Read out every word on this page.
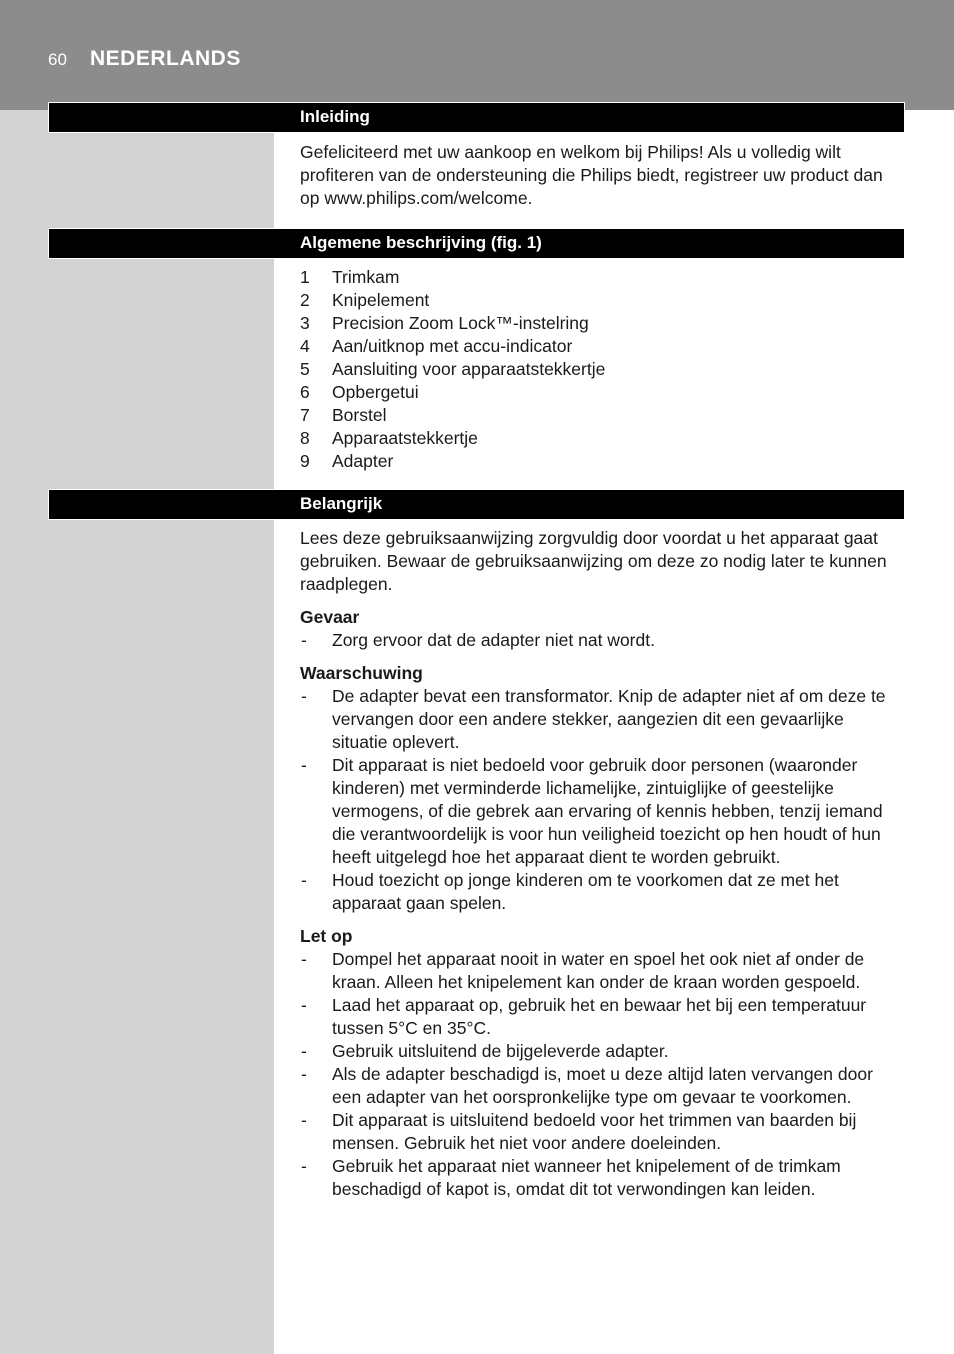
60 NEDERLANDS
Inleiding

Gefeliciteerd met uw aankoop en welkom bij Philips! Als u volledig wilt profiteren van de ondersteuning die Philips biedt, registreer uw product dan op www.philips.com/welcome.

Algemene beschrijving (fig. 1)
1 Trimkam
2 Knipelement
3 Precision Zoom Lock™-instelring
4 Aan/uitknop met accu-indicator
5 Aansluiting voor apparaatstekkertje
6 Opbergetui
7 Borstel
8 Apparaatstekkertje
9 Adapter
Belangrijk

Lees deze gebruiksaanwijzing zorgvuldig door voordat u het apparaat gaat gebruiken. Bewaar de gebruiksaanwijzing om deze zo nodig later te kunnen raadplegen.

Gevaar

- Zorg ervoor dat de adapter niet nat wordt.

Waarschuwing

- De adapter bevat een transformator. Knip de adapter niet af om deze te vervangen door een andere stekker, aangezien dit een gevaarlijke situatie oplevert.
- Dit apparaat is niet bedoeld voor gebruik door personen (waaronder kinderen) met verminderde lichamelijke, zintuiglijke of geestelijke vermogens, of die gebrek aan ervaring of kennis hebben, tenzij iemand die verantwoordelijk is voor hun veiligheid toezicht op hen houdt of hun heeft uitgelegd hoe het apparaat dient te worden gebruikt.
- Houd toezicht op jonge kinderen om te voorkomen dat ze met het apparaat gaan spelen.

Let op

- Dompel het apparaat nooit in water en spoel het ook niet af onder de kraan. Alleen het knipelement kan onder de kraan worden gespoeld.
- Laad het apparaat op, gebruik het en bewaar het bij een temperatuur tussen 5°C en 35°C.
- Gebruik uitsluitend de bijgeleverde adapter.
- Als de adapter beschadigd is, moet u deze altijd laten vervangen door een adapter van het oorspronkelijke type om gevaar te voorkomen.
- Dit apparaat is uitsluitend bedoeld voor het trimmen van baarden bij mensen. Gebruik het niet voor andere doeleinden.
- Gebruik het apparaat niet wanneer het knipelement of de trimkam beschadigd of kapot is, omdat dit tot verwondingen kan leiden.
